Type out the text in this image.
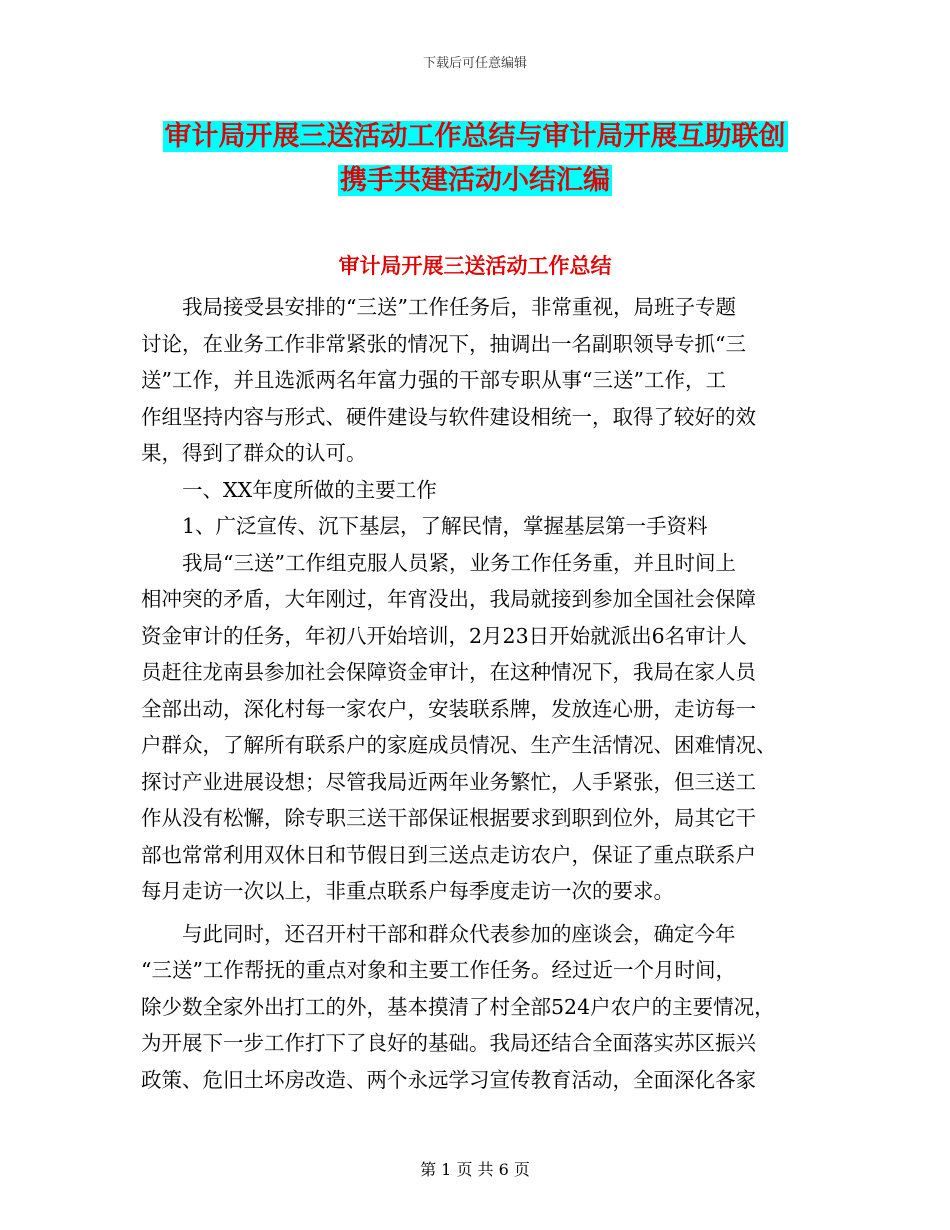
下载后可任意编辑
审计局开展三送活动工作总结与审计局开展互助联创
携手共建活动小结汇编
审计局开展三送活动工作总结
我局接受县安排的“三送”工作任务后，非常重视，局班子专题
讨论，在业务工作非常紧张的情况下，抽调出一名副职领导专抓“三
送”工作，并且选派两名年富力强的干部专职从事“三送”工作，工
作组坚持内容与形式、硬件建设与软件建设相统一，取得了较好的效
果，得到了群众的认可。
一、XX年度所做的主要工作
1、广泛宣传、沉下基层，了解民情，掌握基层第一手资料
我局“三送”工作组克服人员紧，业务工作任务重，并且时间上
相冲突的矛盾，大年刚过，年宵没出，我局就接到参加全国社会保障
资金审计的任务，年初八开始培训，2月23日开始就派出6名审计人
员赶往龙南县参加社会保障资金审计，在这种情况下，我局在家人员
全部出动，深化村每一家农户，安装联系牌，发放连心册，走访每一
户群众，了解所有联系户的家庭成员情况、生产生活情况、困难情况、
探讨产业进展设想；尽管我局近两年业务繁忙，人手紧张，但三送工
作从没有松懈，除专职三送干部保证根据要求到职到位外，局其它干
部也常常利用双休日和节假日到三送点走访农户，保证了重点联系户
每月走访一次以上，非重点联系户每季度走访一次的要求。
与此同时，还召开村干部和群众代表参加的座谈会，确定今年
“三送”工作帮抚的重点对象和主要工作任务。经过近一个月时间，
除少数全家外出打工的外，基本摸清了村全部524户农户的主要情况，
为开展下一步工作打下了良好的基础。我局还结合全面落实苏区振兴
政策、危旧土坏房改造、两个永远学习宣传教育活动，全面深化各家
第 1 页 共 6 页
